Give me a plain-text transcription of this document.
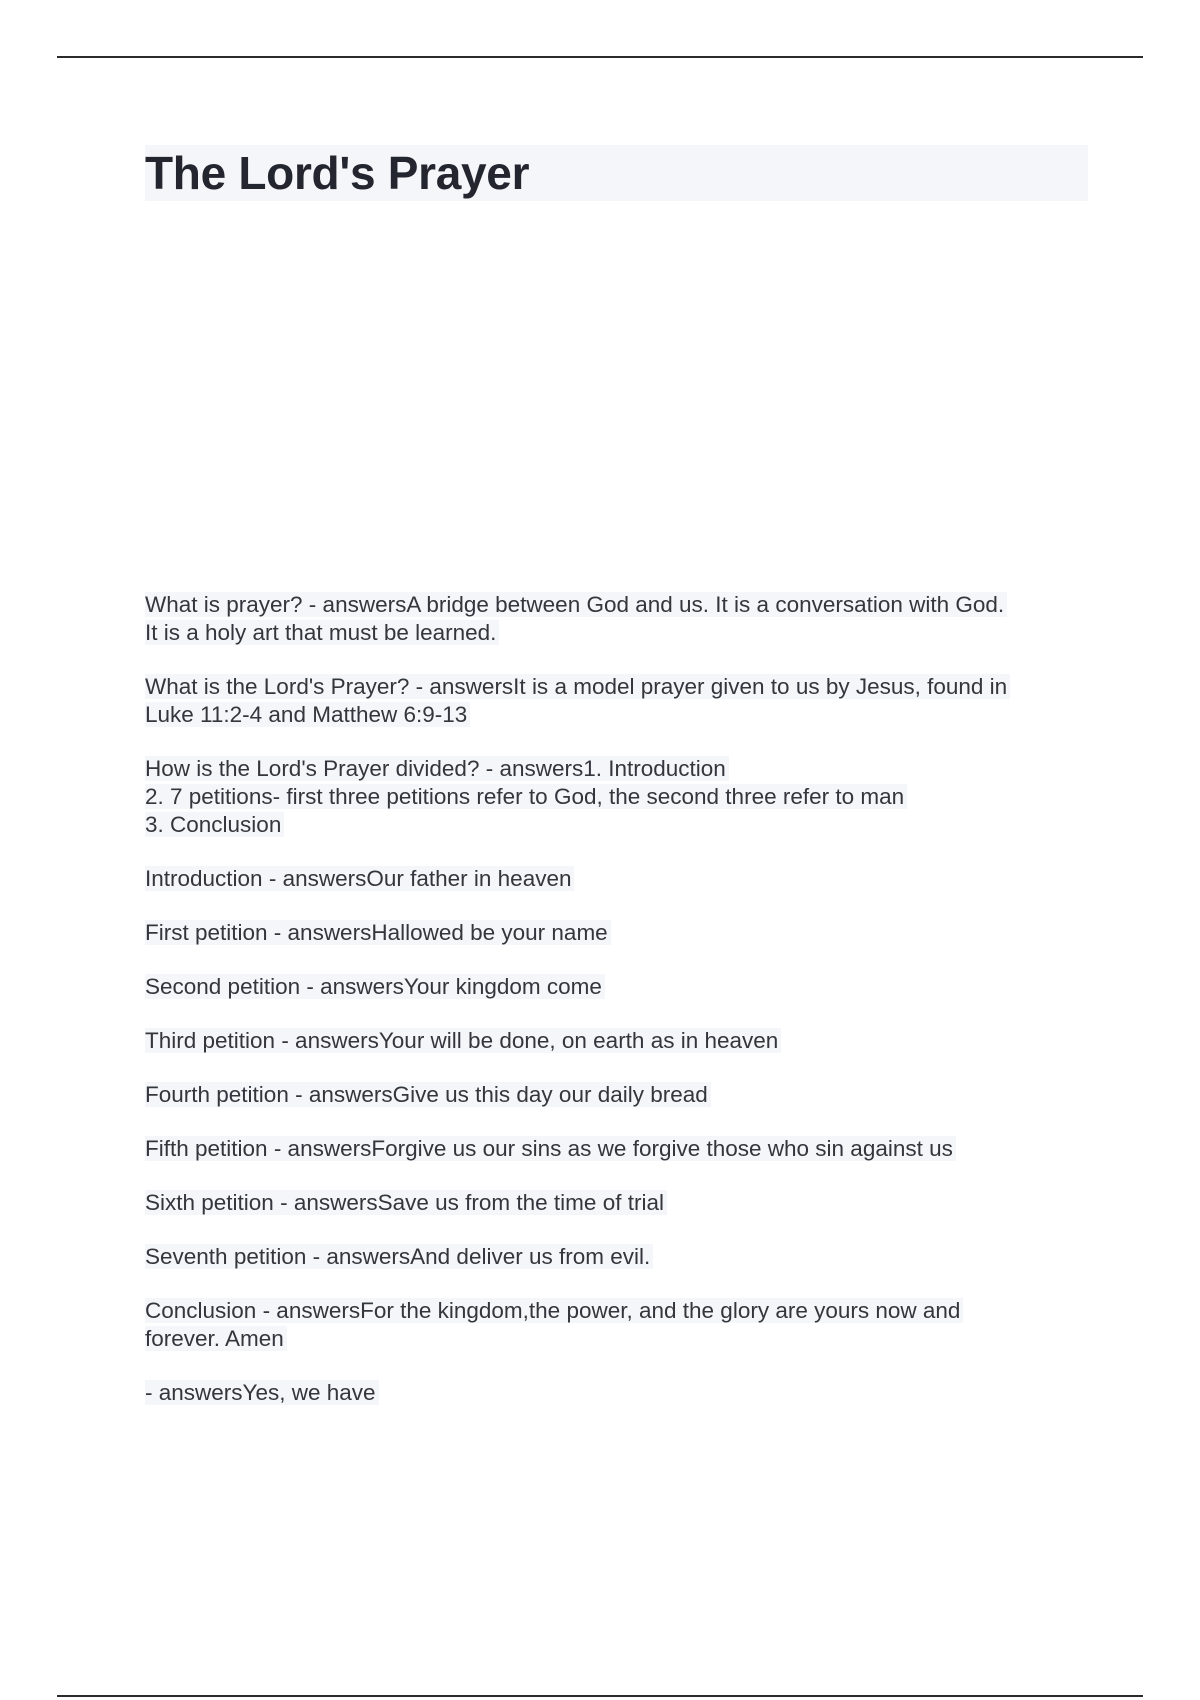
The Lord's Prayer

What is prayer? - answersA bridge between God and us. It is a conversation with God.
It is a holy art that must be learned.

What is the Lord's Prayer? - answersIt is a model prayer given to us by Jesus, found in
Luke 11:2-4 and Matthew 6:9-13

How is the Lord's Prayer divided? - answers1. Introduction
2. 7 petitions- first three petitions refer to God, the second three refer to man
3. Conclusion

Introduction - answersOur father in heaven

First petition - answersHallowed be your name

Second petition - answersYour kingdom come

Third petition - answersYour will be done, on earth as in heaven

Fourth petition - answersGive us this day our daily bread

Fifth petition - answersForgive us our sins as we forgive those who sin against us

Sixth petition - answersSave us from the time of trial

Seventh petition - answersAnd deliver us from evil.

Conclusion - answersFor the kingdom,the power, and the glory are yours now and
forever. Amen

- answersYes, we have
